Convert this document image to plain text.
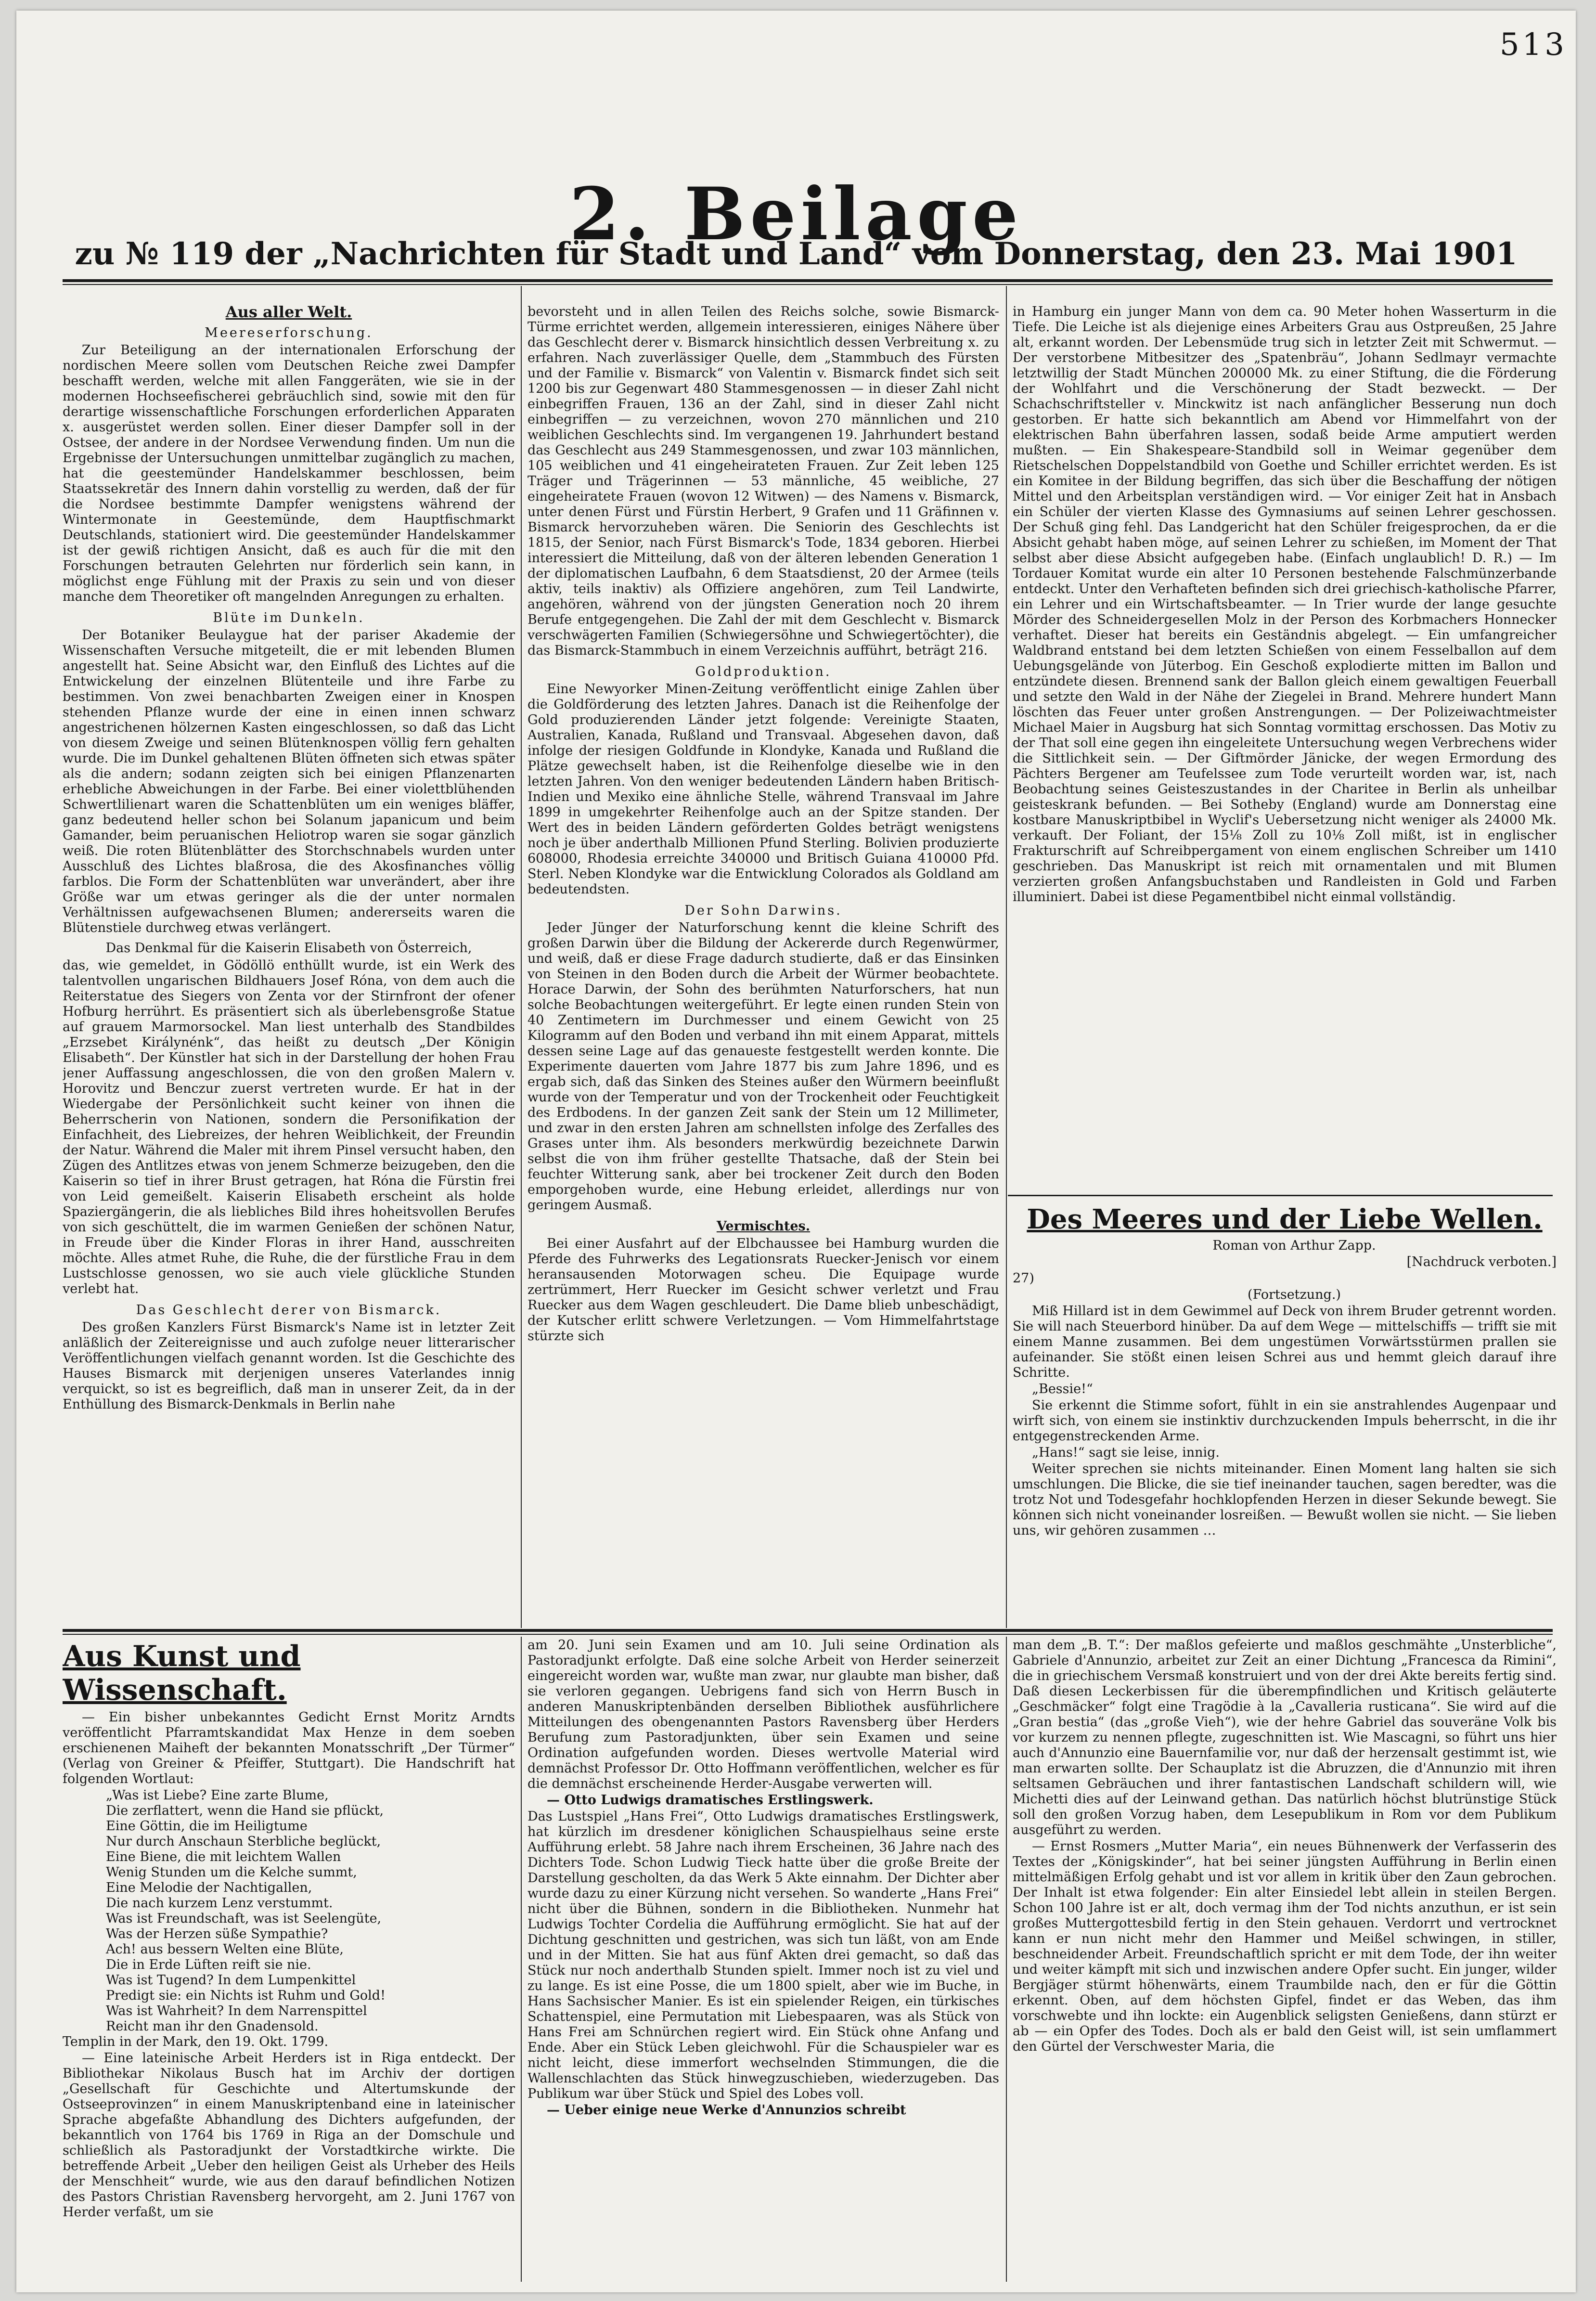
513
2. Beilage
zu № 119 der „Nachrichten für Stadt und Land“ vom Donnerstag, den 23. Mai 1901
Aus aller Welt.

Meereserforschung.

Zur Beteiligung an der internationalen Erforschung der nordischen Meere sollen vom Deutschen Reiche zwei Dampfer beschafft werden, welche mit allen Fanggeräten, wie sie in der modernen Hochseefischerei gebräuchlich sind, sowie mit den für derartige wissenschaftliche Forschungen erforderlichen Apparaten x. ausgerüstet werden sollen. Einer dieser Dampfer soll in der Ostsee, der andere in der Nordsee Verwendung finden. Um nun die Ergebnisse der Untersuchungen unmittelbar zugänglich zu machen, hat die geestemünder Handelskammer beschlossen, beim Staatssekretär des Innern dahin vorstellig zu werden, daß der für die Nordsee bestimmte Dampfer wenigstens während der Wintermonate in Geestemünde, dem Hauptfischmarkt Deutschlands, stationiert wird. Die geestemünder Handelskammer ist der gewiß richtigen Ansicht, daß es auch für die mit den Forschungen betrauten Gelehrten nur förderlich sein kann, in möglichst enge Fühlung mit der Praxis zu sein und von dieser manche dem Theoretiker oft mangelnden Anregungen zu erhalten.

Blüte im Dunkeln.

Der Botaniker Beulaygue hat der pariser Akademie der Wissenschaften Versuche mitgeteilt, die er mit lebenden Blumen angestellt hat. Seine Absicht war, den Einfluß des Lichtes auf die Entwickelung der einzelnen Blütenteile und ihre Farbe zu bestimmen. Von zwei benachbarten Zweigen einer in Knospen stehenden Pflanze wurde der eine in einen innen schwarz angestrichenen hölzernen Kasten eingeschlossen, so daß das Licht von diesem Zweige und seinen Blütenknospen völlig fern gehalten wurde. Die im Dunkel gehaltenen Blüten öffneten sich etwas später als die andern; sodann zeigten sich bei einigen Pflanzenarten erhebliche Abweichungen in der Farbe. Bei einer violettblühenden Schwertlilienart waren die Schattenblüten um ein weniges bläffer, ganz bedeutend heller schon bei Solanum japanicum und beim Gamander, beim peruanischen Heliotrop waren sie sogar gänzlich weiß. Die roten Blütenblätter des Storchschnabels wurden unter Ausschluß des Lichtes blaßrosa, die des Akosfinanches völlig farblos. Die Form der Schattenblüten war unverändert, aber ihre Größe war um etwas geringer als die der unter normalen Verhältnissen aufgewachsenen Blumen; andererseits waren die Blütenstiele durchweg etwas verlängert.

Das Denkmal für die Kaiserin Elisabeth von Österreich,

das, wie gemeldet, in Gödöllö enthüllt wurde, ist ein Werk des talentvollen ungarischen Bildhauers Josef Róna, von dem auch die Reiterstatue des Siegers von Zenta vor der Stirnfront der ofener Hofburg herrührt. Es präsentiert sich als überlebensgroße Statue auf grauem Marmorsockel. Man liest unterhalb des Standbildes „Erzsebet Királynénk“, das heißt zu deutsch „Der Königin Elisabeth“. Der Künstler hat sich in der Darstellung der hohen Frau jener Auffassung angeschlossen, die von den großen Malern v. Horovitz und Benczur zuerst vertreten wurde. Er hat in der Wiedergabe der Persönlichkeit sucht keiner von ihnen die Beherrscherin von Nationen, sondern die Personifikation der Einfachheit, des Liebreizes, der hehren Weiblichkeit, der Freundin der Natur. Während die Maler mit ihrem Pinsel versucht haben, den Zügen des Antlitzes etwas von jenem Schmerze beizugeben, den die Kaiserin so tief in ihrer Brust getragen, hat Róna die Fürstin frei von Leid gemeißelt. Kaiserin Elisabeth erscheint als holde Spaziergängerin, die als liebliches Bild ihres hoheitsvollen Berufes von sich geschüttelt, die im warmen Genießen der schönen Natur, in Freude über die Kinder Floras in ihrer Hand, ausschreiten möchte. Alles atmet Ruhe, die Ruhe, die der fürstliche Frau in dem Lustschlosse genossen, wo sie auch viele glückliche Stunden verlebt hat.

Das Geschlecht derer von Bismarck.

Des großen Kanzlers Fürst Bismarck's Name ist in letzter Zeit anläßlich der Zeitereignisse und auch zufolge neuer litterarischer Veröffentlichungen vielfach genannt worden. Ist die Geschichte des Hauses Bismarck mit derjenigen unseres Vaterlandes innig verquickt, so ist es begreiflich, daß man in unserer Zeit, da in der Enthüllung des Bismarck-Denkmals in Berlin nahe

bevorsteht und in allen Teilen des Reichs solche, sowie Bismarck-Türme errichtet werden, allgemein interessieren, einiges Nähere über das Geschlecht derer v. Bismarck hinsichtlich dessen Verbreitung x. zu erfahren. Nach zuverlässiger Quelle, dem „Stammbuch des Fürsten und der Familie v. Bismarck“ von Valentin v. Bismarck findet sich seit 1200 bis zur Gegenwart 480 Stammesgenossen — in dieser Zahl nicht einbegriffen Frauen, 136 an der Zahl, sind in dieser Zahl nicht einbegriffen — zu verzeichnen, wovon 270 männlichen und 210 weiblichen Geschlechts sind. Im vergangenen 19. Jahrhundert bestand das Geschlecht aus 249 Stammesgenossen, und zwar 103 männlichen, 105 weiblichen und 41 eingeheirateten Frauen. Zur Zeit leben 125 Träger und Trägerinnen — 53 männliche, 45 weibliche, 27 eingeheiratete Frauen (wovon 12 Witwen) — des Namens v. Bismarck, unter denen Fürst und Fürstin Herbert, 9 Grafen und 11 Gräfinnen v. Bismarck hervorzuheben wären. Die Seniorin des Geschlechts ist 1815, der Senior, nach Fürst Bismarck's Tode, 1834 geboren. Hierbei interessiert die Mitteilung, daß von der älteren lebenden Generation 1 der diplomatischen Laufbahn, 6 dem Staatsdienst, 20 der Armee (teils aktiv, teils inaktiv) als Offiziere angehören, zum Teil Landwirte, angehören, während von der jüngsten Generation noch 20 ihrem Berufe entgegengehen. Die Zahl der mit dem Geschlecht v. Bismarck verschwägerten Familien (Schwiegersöhne und Schwiegertöchter), die das Bismarck-Stammbuch in einem Verzeichnis aufführt, beträgt 216.

Goldproduktion.

Eine Newyorker Minen-Zeitung veröffentlicht einige Zahlen über die Goldförderung des letzten Jahres. Danach ist die Reihenfolge der Gold produzierenden Länder jetzt folgende: Vereinigte Staaten, Australien, Kanada, Rußland und Transvaal. Abgesehen davon, daß infolge der riesigen Goldfunde in Klondyke, Kanada und Rußland die Plätze gewechselt haben, ist die Reihenfolge dieselbe wie in den letzten Jahren. Von den weniger bedeutenden Ländern haben Britisch-Indien und Mexiko eine ähnliche Stelle, während Transvaal im Jahre 1899 in umgekehrter Reihenfolge auch an der Spitze standen. Der Wert des in beiden Ländern geförderten Goldes beträgt wenigstens noch je über anderthalb Millionen Pfund Sterling. Bolivien produzierte 608000, Rhodesia erreichte 340000 und Britisch Guiana 410000 Pfd. Sterl. Neben Klondyke war die Entwicklung Colorados als Goldland am bedeutendsten.

Der Sohn Darwins.

Jeder Jünger der Naturforschung kennt die kleine Schrift des großen Darwin über die Bildung der Ackererde durch Regenwürmer, und weiß, daß er diese Frage dadurch studierte, daß er das Einsinken von Steinen in den Boden durch die Arbeit der Würmer beobachtete. Horace Darwin, der Sohn des berühmten Naturforschers, hat nun solche Beobachtungen weitergeführt. Er legte einen runden Stein von 40 Zentimetern im Durchmesser und einem Gewicht von 25 Kilogramm auf den Boden und verband ihn mit einem Apparat, mittels dessen seine Lage auf das genaueste festgestellt werden konnte. Die Experimente dauerten vom Jahre 1877 bis zum Jahre 1896, und es ergab sich, daß das Sinken des Steines außer den Würmern beeinflußt wurde von der Temperatur und von der Trockenheit oder Feuchtigkeit des Erdbodens. In der ganzen Zeit sank der Stein um 12 Millimeter, und zwar in den ersten Jahren am schnellsten infolge des Zerfalles des Grases unter ihm. Als besonders merkwürdig bezeichnete Darwin selbst die von ihm früher gestellte Thatsache, daß der Stein bei feuchter Witterung sank, aber bei trockener Zeit durch den Boden emporgehoben wurde, eine Hebung erleidet, allerdings nur von geringem Ausmaß.

Vermischtes.

Bei einer Ausfahrt auf der Elbchaussee bei Hamburg wurden die Pferde des Fuhrwerks des Legationsrats Ruecker-Jenisch vor einem heransausenden Motorwagen scheu. Die Equipage wurde zertrümmert, Herr Ruecker im Gesicht schwer verletzt und Frau Ruecker aus dem Wagen geschleudert. Die Dame blieb unbeschädigt, der Kutscher erlitt schwere Verletzungen. — Vom Himmelfahrtstage stürzte sich

in Hamburg ein junger Mann von dem ca. 90 Meter hohen Wasserturm in die Tiefe. Die Leiche ist als diejenige eines Arbeiters Grau aus Ostpreußen, 25 Jahre alt, erkannt worden. Der Lebensmüde trug sich in letzter Zeit mit Schwermut. — Der verstorbene Mitbesitzer des „Spatenbräu“, Johann Sedlmayr vermachte letztwillig der Stadt München 200000 Mk. zu einer Stiftung, die die Förderung der Wohlfahrt und die Verschönerung der Stadt bezweckt. — Der Schachschriftsteller v. Minckwitz ist nach anfänglicher Besserung nun doch gestorben. Er hatte sich bekanntlich am Abend vor Himmelfahrt von der elektrischen Bahn überfahren lassen, sodaß beide Arme amputiert werden mußten. — Ein Shakespeare-Standbild soll in Weimar gegenüber dem Rietschelschen Doppelstandbild von Goethe und Schiller errichtet werden. Es ist ein Komitee in der Bildung begriffen, das sich über die Beschaffung der nötigen Mittel und den Arbeitsplan verständigen wird. — Vor einiger Zeit hat in Ansbach ein Schüler der vierten Klasse des Gymnasiums auf seinen Lehrer geschossen. Der Schuß ging fehl. Das Landgericht hat den Schüler freigesprochen, da er die Absicht gehabt haben möge, auf seinen Lehrer zu schießen, im Moment der That selbst aber diese Absicht aufgegeben habe. (Einfach unglaublich! D. R.) — Im Tordauer Komitat wurde ein alter 10 Personen bestehende Falschmünzerbande entdeckt. Unter den Verhafteten befinden sich drei griechisch-katholische Pfarrer, ein Lehrer und ein Wirtschaftsbeamter. — In Trier wurde der lange gesuchte Mörder des Schneidergesellen Molz in der Person des Korbmachers Honnecker verhaftet. Dieser hat bereits ein Geständnis abgelegt. — Ein umfangreicher Waldbrand entstand bei dem letzten Schießen von einem Fesselballon auf dem Uebungsgelände von Jüterbog. Ein Geschoß explodierte mitten im Ballon und entzündete diesen. Brennend sank der Ballon gleich einem gewaltigen Feuerball und setzte den Wald in der Nähe der Ziegelei in Brand. Mehrere hundert Mann löschten das Feuer unter großen Anstrengungen. — Der Polizeiwachtmeister Michael Maier in Augsburg hat sich Sonntag vormittag erschossen. Das Motiv zu der That soll eine gegen ihn eingeleitete Untersuchung wegen Verbrechens wider die Sittlichkeit sein. — Der Giftmörder Jänicke, der wegen Ermordung des Pächters Bergener am Teufelssee zum Tode verurteilt worden war, ist, nach Beobachtung seines Geisteszustandes in der Charitee in Berlin als unheilbar geisteskrank befunden. — Bei Sotheby (England) wurde am Donnerstag eine kostbare Manuskriptbibel in Wyclif's Uebersetzung nicht weniger als 24000 Mk. verkauft. Der Foliant, der 15⅛ Zoll zu 10⅛ Zoll mißt, ist in englischer Frakturschrift auf Schreibpergament von einem englischen Schreiber um 1410 geschrieben. Das Manuskript ist reich mit ornamentalen und mit Blumen verzierten großen Anfangsbuchstaben und Randleisten in Gold und Farben illuminiert. Dabei ist diese Pegamentbibel nicht einmal vollständig.

Des Meeres und der Liebe Wellen.

Roman von Arthur Zapp.

[Nachdruck verboten.]

27)

(Fortsetzung.)

Miß Hillard ist in dem Gewimmel auf Deck von ihrem Bruder getrennt worden. Sie will nach Steuerbord hinüber. Da auf dem Wege — mittelschiffs — trifft sie mit einem Manne zusammen. Bei dem ungestümen Vorwärtsstürmen prallen sie aufeinander. Sie stößt einen leisen Schrei aus und hemmt gleich darauf ihre Schritte.

„Bessie!“

Sie erkennt die Stimme sofort, fühlt in ein sie anstrahlendes Augenpaar und wirft sich, von einem sie instinktiv durchzuckenden Impuls beherrscht, in die ihr entgegenstreckenden Arme.

„Hans!“ sagt sie leise, innig.

Weiter sprechen sie nichts miteinander. Einen Moment lang halten sie sich umschlungen. Die Blicke, die sie tief ineinander tauchen, sagen beredter, was die trotz Not und Todesgefahr hochklopfenden Herzen in dieser Sekunde bewegt. Sie können sich nicht voneinander losreißen. — Bewußt wollen sie nicht. — Sie lieben uns, wir gehören zusammen …

Aus Kunst und Wissenschaft.

— Ein bisher unbekanntes Gedicht Ernst Moritz Arndts veröffentlicht Pfarramtskandidat Max Henze in dem soeben erschienenen Maiheft der bekannten Monatsschrift „Der Türmer“ (Verlag von Greiner & Pfeiffer, Stuttgart). Die Handschrift hat folgenden Wortlaut:

„Was ist Liebe? Eine zarte Blume,

Die zerflattert, wenn die Hand sie pflückt,

Eine Göttin, die im Heiligtume

Nur durch Anschaun Sterbliche beglückt,

Eine Biene, die mit leichtem Wallen

Wenig Stunden um die Kelche summt,

Eine Melodie der Nachtigallen,

Die nach kurzem Lenz verstummt.

Was ist Freundschaft, was ist Seelengüte,

Was der Herzen süße Sympathie?

Ach! aus bessern Welten eine Blüte,

Die in Erde Lüften reift sie nie.

Was ist Tugend? In dem Lumpenkittel

Predigt sie: ein Nichts ist Ruhm und Gold!

Was ist Wahrheit? In dem Narrenspittel

Reicht man ihr den Gnadensold.

Templin in der Mark, den 19. Okt. 1799.

— Eine lateinische Arbeit Herders ist in Riga entdeckt. Der Bibliothekar Nikolaus Busch hat im Archiv der dortigen „Gesellschaft für Geschichte und Altertumskunde der Ostseeprovinzen“ in einem Manuskriptenband eine in lateinischer Sprache abgefaßte Abhandlung des Dichters aufgefunden, der bekanntlich von 1764 bis 1769 in Riga an der Domschule und schließlich als Pastoradjunkt der Vorstadtkirche wirkte. Die betreffende Arbeit „Ueber den heiligen Geist als Urheber des Heils der Menschheit“ wurde, wie aus den darauf befindlichen Notizen des Pastors Christian Ravensberg hervorgeht, am 2. Juni 1767 von Herder verfaßt, um sie

am 20. Juni sein Examen und am 10. Juli seine Ordination als Pastoradjunkt erfolgte. Daß eine solche Arbeit von Herder seinerzeit eingereicht worden war, wußte man zwar, nur glaubte man bisher, daß sie verloren gegangen. Uebrigens fand sich von Herrn Busch in anderen Manuskriptenbänden derselben Bibliothek ausführlichere Mitteilungen des obengenannten Pastors Ravensberg über Herders Berufung zum Pastoradjunkten, über sein Examen und seine Ordination aufgefunden worden. Dieses wertvolle Material wird demnächst Professor Dr. Otto Hoffmann veröffentlichen, welcher es für die demnächst erscheinende Herder-Ausgabe verwerten will.

— Otto Ludwigs dramatisches Erstlingswerk.

Das Lustspiel „Hans Frei“, Otto Ludwigs dramatisches Erstlingswerk, hat kürzlich im dresdener königlichen Schauspielhaus seine erste Aufführung erlebt. 58 Jahre nach ihrem Erscheinen, 36 Jahre nach des Dichters Tode. Schon Ludwig Tieck hatte über die große Breite der Darstellung gescholten, da das Werk 5 Akte einnahm. Der Dichter aber wurde dazu zu einer Kürzung nicht versehen. So wanderte „Hans Frei“ nicht über die Bühnen, sondern in die Bibliotheken. Nunmehr hat Ludwigs Tochter Cordelia die Aufführung ermöglicht. Sie hat auf der Dichtung geschnitten und gestrichen, was sich tun läßt, von am Ende und in der Mitten. Sie hat aus fünf Akten drei gemacht, so daß das Stück nur noch anderthalb Stunden spielt. Immer noch ist zu viel und zu lange. Es ist eine Posse, die um 1800 spielt, aber wie im Buche, in Hans Sachsischer Manier. Es ist ein spielender Reigen, ein türkisches Schattenspiel, eine Permutation mit Liebespaaren, was als Stück von Hans Frei am Schnürchen regiert wird. Ein Stück ohne Anfang und Ende. Aber ein Stück Leben gleichwohl. Für die Schauspieler war es nicht leicht, diese immerfort wechselnden Stimmungen, die die Wallenschlachten das Stück hinwegzuschieben, wiederzugeben. Das Publikum war über Stück und Spiel des Lobes voll.

— Ueber einige neue Werke d'Annunzios schreibt

man dem „B. T.“: Der maßlos gefeierte und maßlos geschmähte „Unsterbliche“, Gabriele d'Annunzio, arbeitet zur Zeit an einer Dichtung „Francesca da Rimini“, die in griechischem Versmaß konstruiert und von der drei Akte bereits fertig sind. Daß diesen Leckerbissen für die überempfindlichen und Kritisch geläuterte „Geschmäcker“ folgt eine Tragödie à la „Cavalleria rusticana“. Sie wird auf die „Gran bestia“ (das „große Vieh“), wie der hehre Gabriel das souveräne Volk bis vor kurzem zu nennen pflegte, zugeschnitten ist. Wie Mascagni, so führt uns hier auch d'Annunzio eine Bauernfamilie vor, nur daß der herzensalt gestimmt ist, wie man erwarten sollte. Der Schauplatz ist die Abruzzen, die d'Annunzio mit ihren seltsamen Gebräuchen und ihrer fantastischen Landschaft schildern will, wie Michetti dies auf der Leinwand gethan. Das natürlich höchst blutrünstige Stück soll den großen Vorzug haben, dem Lesepublikum in Rom vor dem Publikum ausgeführt zu werden.

— Ernst Rosmers „Mutter Maria“, ein neues Bühnenwerk der Verfasserin des Textes der „Königskinder“, hat bei seiner jüngsten Aufführung in Berlin einen mittelmäßigen Erfolg gehabt und ist vor allem in kritik über den Zaun gebrochen. Der Inhalt ist etwa folgender: Ein alter Einsiedel lebt allein in steilen Bergen. Schon 100 Jahre ist er alt, doch vermag ihm der Tod nichts anzuthun, er ist sein großes Muttergottesbild fertig in den Stein gehauen. Verdorrt und vertrocknet kann er nun nicht mehr den Hammer und Meißel schwingen, in stiller, beschneidender Arbeit. Freundschaftlich spricht er mit dem Tode, der ihn weiter und weiter kämpft mit sich und inzwischen andere Opfer sucht. Ein junger, wilder Bergjäger stürmt höhenwärts, einem Traumbilde nach, den er für die Göttin erkennt. Oben, auf dem höchsten Gipfel, findet er das Weben, das ihm vorschwebte und ihn lockte: ein Augenblick seligsten Genießens, dann stürzt er ab — ein Opfer des Todes. Doch als er bald den Geist will, ist sein umflammert den Gürtel der Verschwester Maria, die
